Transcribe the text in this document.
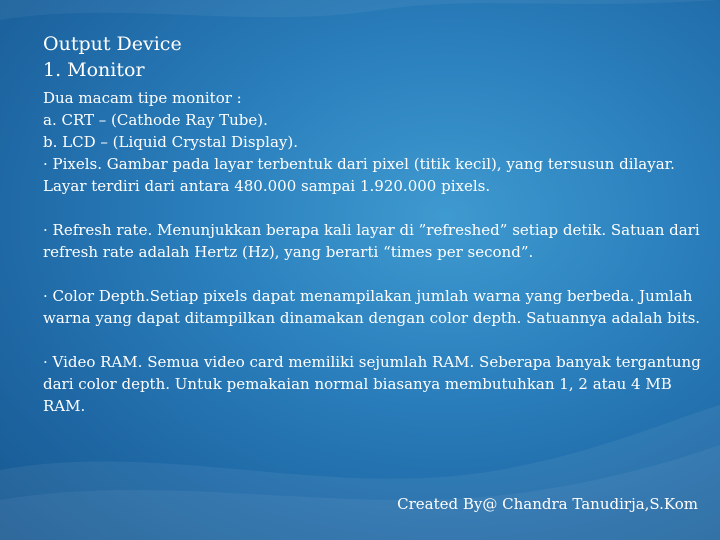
Output Device
1. Monitor

Dua macam tipe monitor :

a. CRT – (Cathode Ray Tube).

b. LCD – (Liquid Crystal Display).

· Pixels. Gambar pada layar terbentuk dari pixel (titik kecil), yang tersusun dilayar. Layar terdiri dari antara 480.000 sampai 1.920.000 pixels.

· Refresh rate. Menunjukkan berapa kali layar di ”refreshed” setiap detik. Satuan dari refresh rate adalah Hertz (Hz), yang berarti “times per second”.

· Color Depth.Setiap pixels dapat menampilakan jumlah warna yang berbeda. Jumlah warna yang dapat ditampilkan dinamakan dengan color depth. Satuannya adalah bits.

· Video RAM. Semua video card memiliki sejumlah RAM. Seberapa banyak tergantung dari color depth. Untuk pemakaian normal biasanya membutuhkan 1, 2 atau 4 MB RAM.

Created By@ Chandra Tanudirja,S.Kom
